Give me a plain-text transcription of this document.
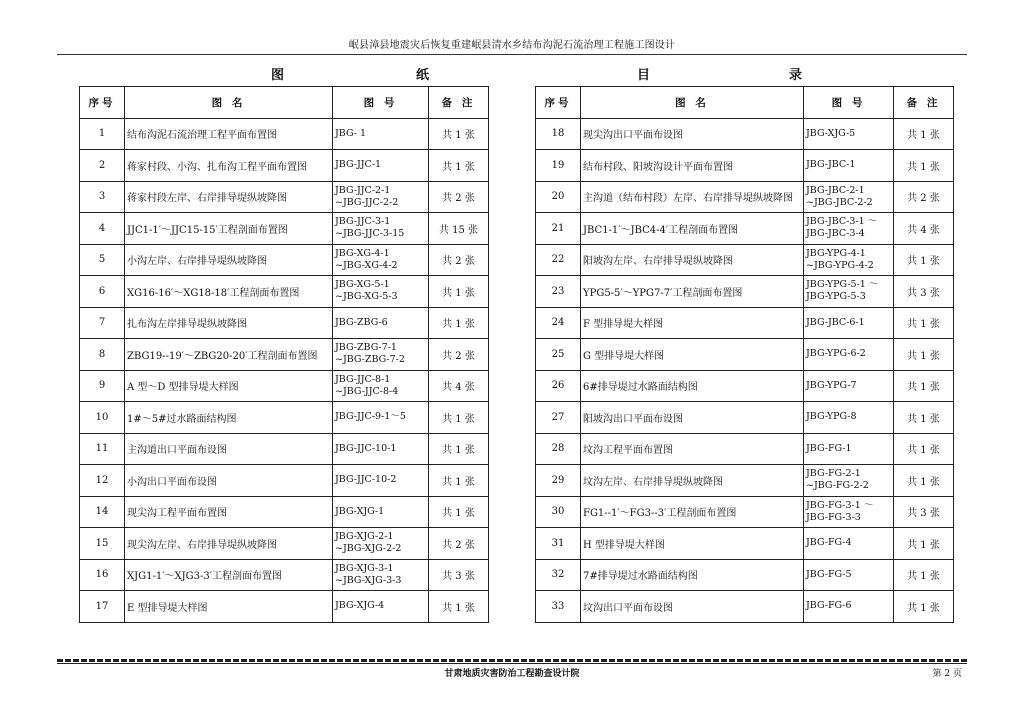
岷县漳县地震灾后恢复重建岷县清水乡结布沟泥石流治理工程施工图设计
图	纸	目	录
序号	图 名	图 号	备 注
1	结布沟泥石流治理工程平面布置图	JBG- 1	共 1 张
2	蒋家村段、小沟、扎布沟工程平面布置图	JBG-JJC-1	共 1 张
3	蒋家村段左岸、右岸排导堤纵坡降图	JBG-JJC-2-1
~JBG-JJC-2-2	共 2 张
4	JJC1-1′～JJC15-15′工程剖面布置图	JBG-JJC-3-1
~JBG-JJC-3-15	共 15 张
5	小沟左岸、右岸排导堤纵坡降图	JBG-XG-4-1
~JBG-XG-4-2	共 2 张
6	XG16-16′～XG18-18′工程剖面布置图	JBG-XG-5-1
~JBG-XG-5-3	共 1 张
7	扎布沟左岸排导堤纵坡降图	JBG-ZBG-6	共 1 张
8	ZBG19--19′～ZBG20-20′工程剖面布置图	JBG-ZBG-7-1
~JBG-ZBG-7-2	共 2 张
9	A 型～D 型排导堤大样图	JBG-JJC-8-1
~JBG-JJC-8-4	共 4 张
10	1#～5#过水路面结构图	JBG-JJC-9-1～5	共 1 张
11	主沟道出口平面布设图	JBG-JJC-10-1	共 1 张
12	小沟出口平面布设图	JBG-JJC-10-2	共 1 张
14	现尖沟工程平面布置图	JBG-XJG-1	共 1 张
15	现尖沟左岸、右岸排导堤纵坡降图	JBG-XJG-2-1
~JBG-XJG-2-2	共 2 张
16	XJG1-1′～XJG3-3′工程剖面布置图	JBG-XJG-3-1
~JBG-XJG-3-3	共 3 张
17	E 型排导堤大样图	JBG-XJG-4	共 1 张
序号	图 名	图 号	备 注
18	现尖沟出口平面布设图	JBG-XJG-5	共 1 张
19	结布村段、阳坡沟设计平面布置图	JBG-JBC-1	共 1 张
20	主沟道（结布村段）左岸、右岸排导堤纵坡降图	JBG-JBC-2-1
~JBG-JBC-2-2	共 2 张
21	JBC1-1′～JBC4-4′工程剖面布置图	JBG-JBC-3-1 ～
JBG-JBC-3-4	共 4 张
22	阳坡沟左岸、右岸排导堤纵坡降图	JBG-YPG-4-1
~JBG-YPG-4-2	共 1 张
23	YPG5-5′～YPG7-7′工程剖面布置图	JBG-YPG-5-1 ～
JBG-YPG-5-3	共 3 张
24	F 型排导堤大样图	JBG-JBC-6-1	共 1 张
25	G 型排导堤大样图	JBG-YPG-6-2	共 1 张
26	6#排导堤过水路面结构图	JBG-YPG-7	共 1 张
27	阳坡沟出口平面布设图	JBG-YPG-8	共 1 张
28	坟沟工程平面布置图	JBG-FG-1	共 1 张
29	坟沟左岸、右岸排导堤纵坡降图	JBG-FG-2-1
~JBG-FG-2-2	共 1 张
30	FG1--1′～FG3--3′工程剖面布置图	JBG-FG-3-1 ～
JBG-FG-3-3	共 3 张
31	H 型排导堤大样图	JBG-FG-4	共 1 张
32	7#排导堤过水路面结构图	JBG-FG-5	共 1 张
33	坟沟出口平面布设图	JBG-FG-6	共 1 张
甘肃地质灾害防治工程勘查设计院	第 2 页
